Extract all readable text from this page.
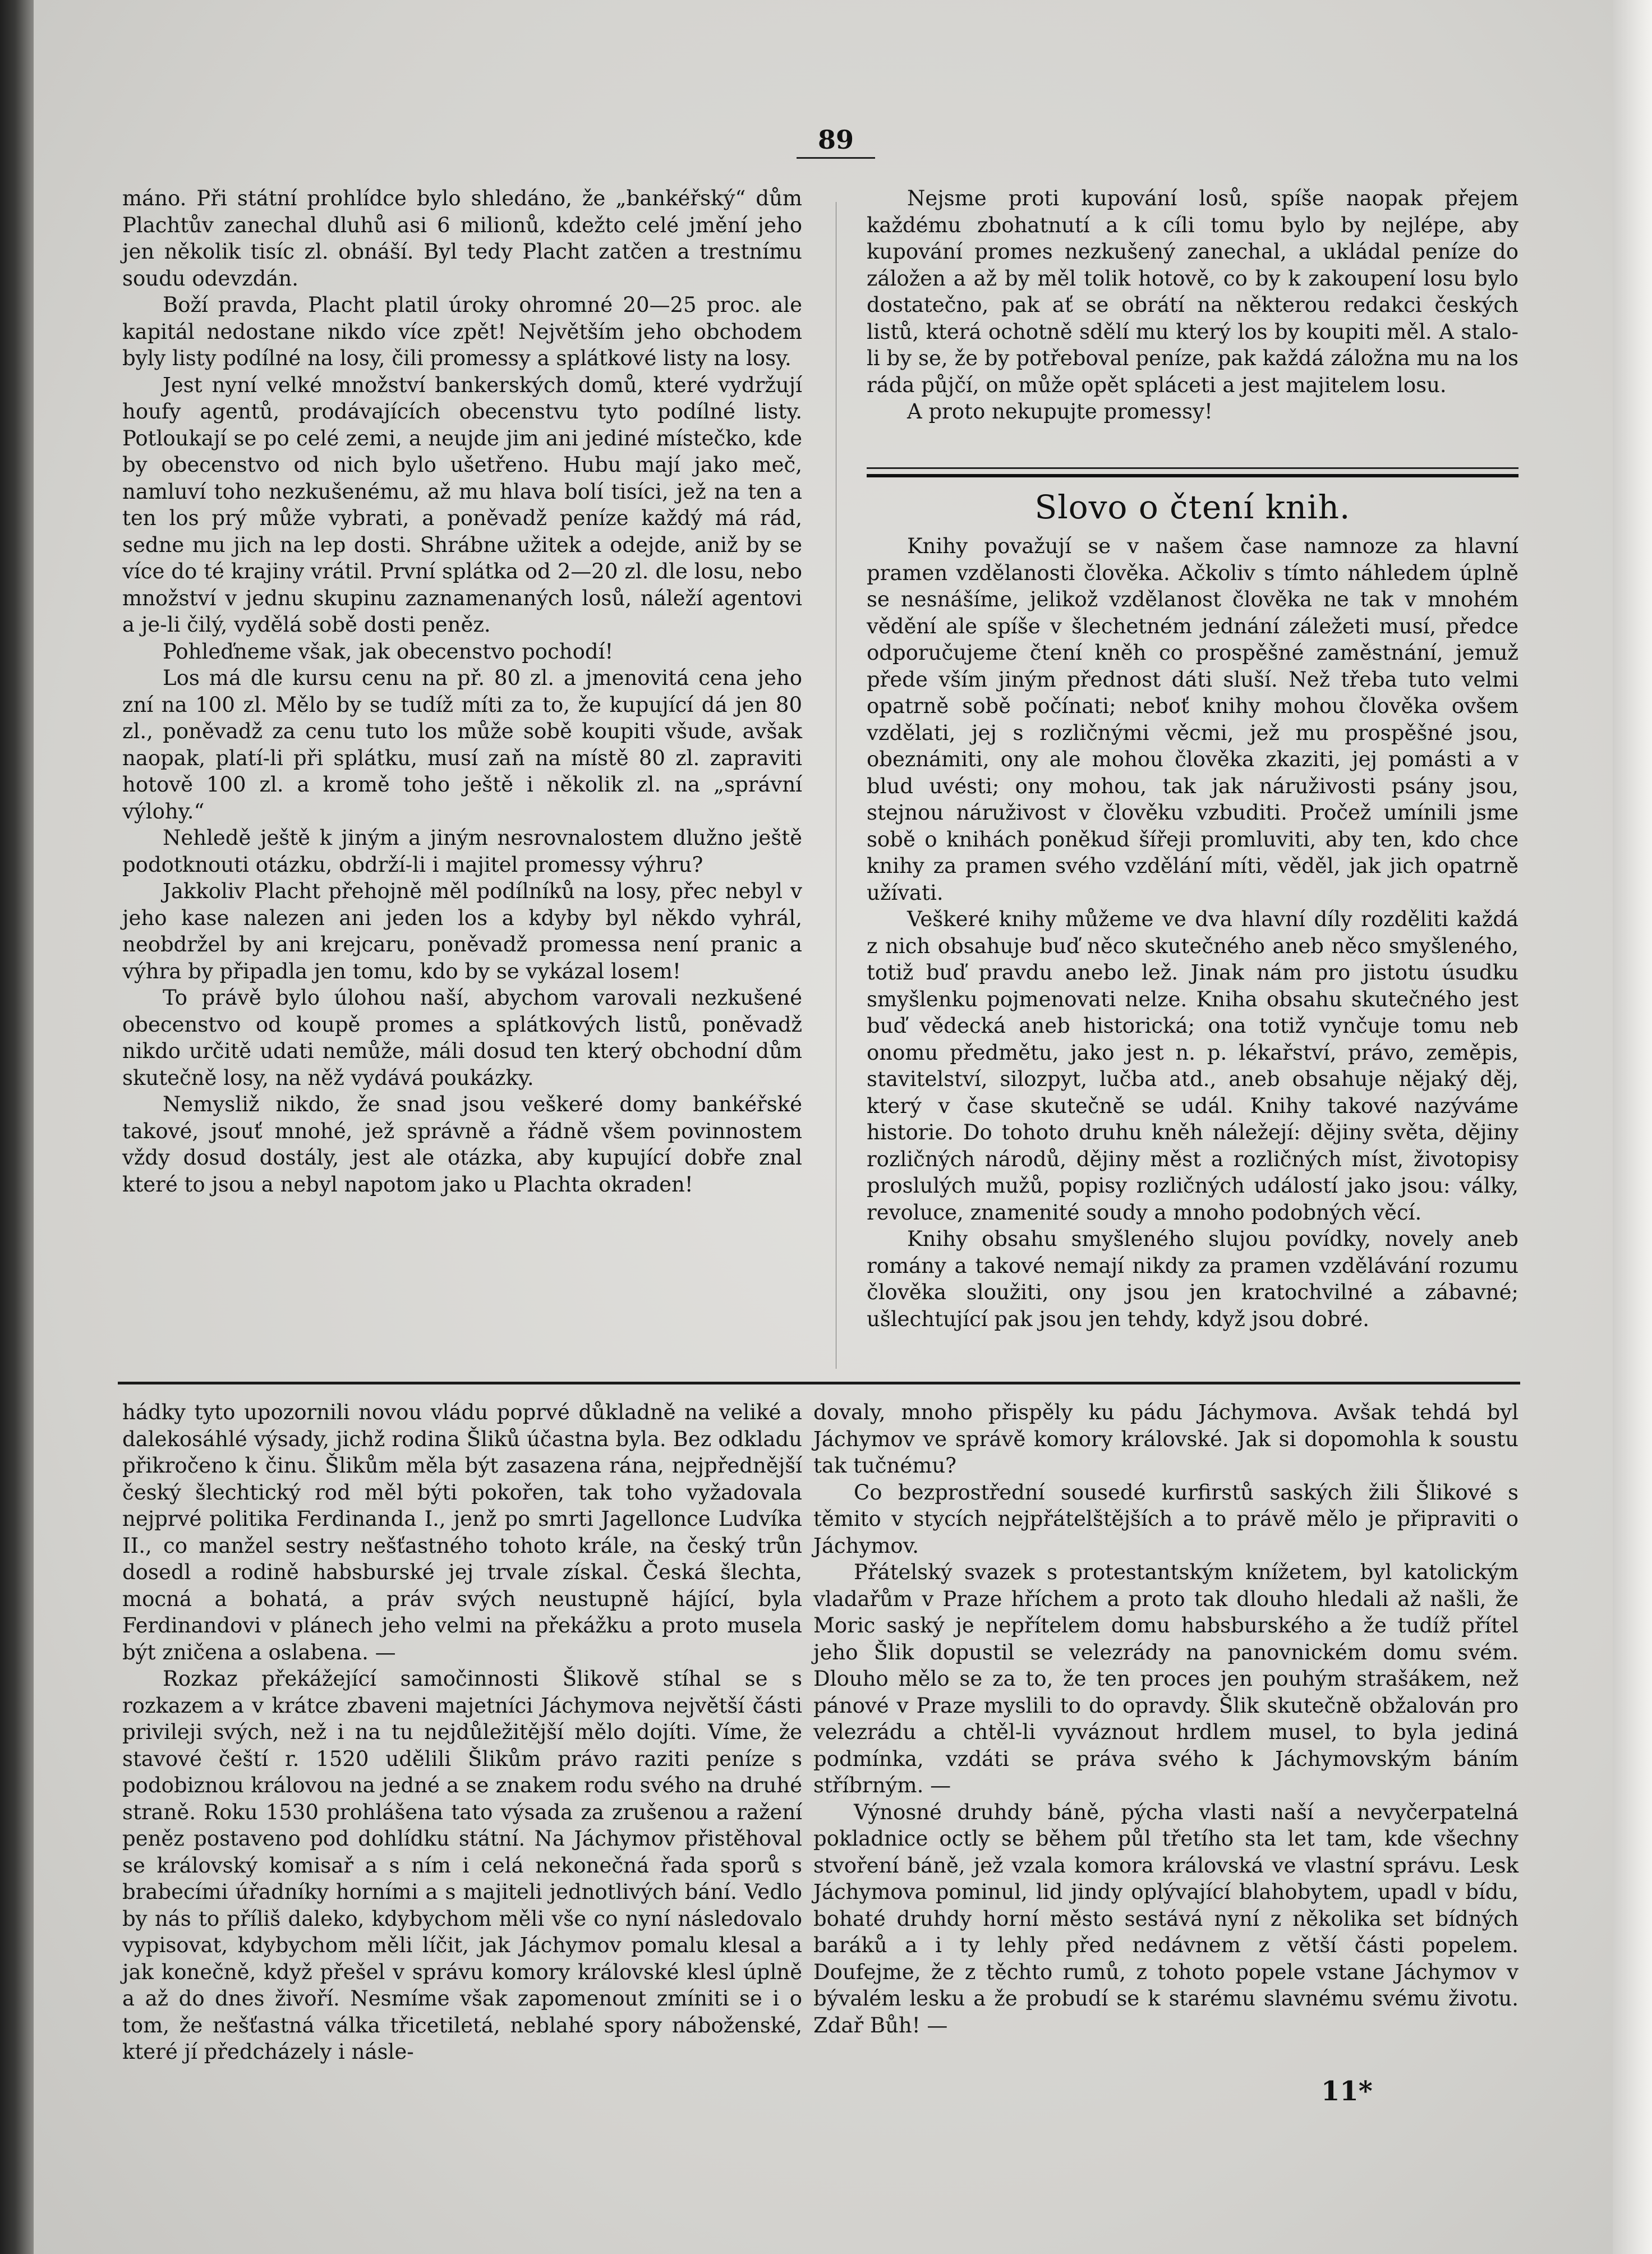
89

máno. Při státní prohlídce bylo shledáno, že „bankéřský“ dům Plachtův zanechal dluhů asi 6 milionů, kdežto celé jmění jeho jen několik tisíc zl. obnáší. Byl tedy Placht zatčen a trestnímu soudu odevzdán.

Boží pravda, Placht platil úroky ohromné 20—25 proc. ale kapitál nedostane nikdo více zpět! Největším jeho obchodem byly listy podílné na losy, čili promessy a splátkové listy na losy.

Jest nyní velké množství bankerských domů, které vydržují houfy agentů, prodávajících obecenstvu tyto podílné listy. Potloukají se po celé zemi, a neujde jim ani jediné místečko, kde by obecenstvo od nich bylo ušetřeno. Hubu mají jako meč, namluví toho nezkušenému, až mu hlava bolí tisíci, jež na ten a ten los prý může vybrati, a poněvadž peníze každý má rád, sedne mu jich na lep dosti. Shrábne užitek a odejde, aniž by se více do té krajiny vrátil. První splátka od 2—20 zl. dle losu, nebo množství v jednu skupinu zaznamenaných losů, náleží agentovi a je-li čilý, vydělá sobě dosti peněz.

Pohleďneme však, jak obecenstvo pochodí!

Los má dle kursu cenu na př. 80 zl. a jmenovitá cena jeho zní na 100 zl. Mělo by se tudíž míti za to, že kupující dá jen 80 zl., poněvadž za cenu tuto los může sobě koupiti všude, avšak naopak, platí-li při splátku, musí zaň na místě 80 zl. zapraviti hotově 100 zl. a kromě toho ještě i několik zl. na „správní výlohy.“

Nehledě ještě k jiným a jiným nesrovnalostem dlužno ještě podotknouti otázku, obdrží-li i majitel promessy výhru?

Jakkoliv Placht přehojně měl podílníků na losy, přec nebyl v jeho kase nalezen ani jeden los a kdyby byl někdo vyhrál, neobdržel by ani krejcaru, poněvadž promessa není pranic a výhra by připadla jen tomu, kdo by se vykázal losem!

To právě bylo úlohou naší, abychom varovali nezkušené obecenstvo od koupě promes a splátkových listů, poněvadž nikdo určitě udati nemůže, máli dosud ten který obchodní dům skutečně losy, na něž vydává poukázky.

Nemysliž nikdo, že snad jsou veškeré domy bankéřské takové, jsouť mnohé, jež správně a řádně všem povinnostem vždy dosud dostály, jest ale otázka, aby kupující dobře znal které to jsou a nebyl napotom jako u Plachta okraden!

Nejsme proti kupování losů, spíše naopak přejem každému zbohatnutí a k cíli tomu bylo by nejlépe, aby kupování promes nezkušený zanechal, a ukládal peníze do záložen a až by měl tolik hotově, co by k zakoupení losu bylo dostatečno, pak ať se obrátí na některou redakci českých listů, která ochotně sdělí mu který los by koupiti měl. A stalo-li by se, že by potřeboval peníze, pak každá záložna mu na los ráda půjčí, on může opět spláceti a jest majitelem losu.

A proto nekupujte promessy!

Slovo o čtení knih.

Knihy považují se v našem čase namnoze za hlavní pramen vzdělanosti člověka. Ačkoliv s tímto náhledem úplně se nesnášíme, jelikož vzdělanost člověka ne tak v mnohém vědění ale spíše v šlechetném jednání záležeti musí, předce odporučujeme čtení kněh co prospěšné zaměstnání, jemuž přede vším jiným přednost dáti sluší. Než třeba tuto velmi opatrně sobě počínati; neboť knihy mohou člověka ovšem vzdělati, jej s rozličnými věcmi, jež mu prospěšné jsou, obeznámiti, ony ale mohou člověka zkaziti, jej pomásti a v blud uvésti; ony mohou, tak jak náruživosti psány jsou, stejnou náruživost v člověku vzbuditi. Pročež umínili jsme sobě o knihách poněkud šířeji promluviti, aby ten, kdo chce knihy za pramen svého vzdělání míti, věděl, jak jich opatrně užívati.

Veškeré knihy můžeme ve dva hlavní díly rozděliti každá z nich obsahuje buď něco skutečného aneb něco smyšleného, totiž buď pravdu anebo lež. Jinak nám pro jistotu úsudku smyšlenku pojmenovati nelze. Kniha obsahu skutečného jest buď vědecká aneb historická; ona totiž vynčuje tomu neb onomu předmětu, jako jest n. p. lékařství, právo, zeměpis, stavitelství, silozpyt, lučba atd., aneb obsahuje nějaký děj, který v čase skutečně se udál. Knihy takové nazýváme historie. Do tohoto druhu kněh náležejí: dějiny světa, dějiny rozličných národů, dějiny měst a rozličných míst, životopisy proslulých mužů, popisy rozličných událostí jako jsou: války, revoluce, znamenité soudy a mnoho podobných věcí.

Knihy obsahu smyšleného slujou povídky, novely aneb romány a takové nemají nikdy za pramen vzdělávání rozumu člověka sloužiti, ony jsou jen kratochvilné a zábavné; ušlechtující pak jsou jen tehdy, když jsou dobré.

hádky tyto upozornili novou vládu poprvé důkladně na veliké a dalekosáhlé výsady, jichž rodina Šliků účastna byla. Bez odkladu přikročeno k činu. Šlikům měla být zasazena rána, nejpřednější český šlechtický rod měl býti pokořen, tak toho vyžadovala nejprvé politika Ferdinanda I., jenž po smrti Jagellonce Ludvíka II., co manžel sestry nešťastného tohoto krále, na český trůn dosedl a rodině habsburské jej trvale získal. Česká šlechta, mocná a bohatá, a práv svých neustupně hájící, byla Ferdinandovi v plánech jeho velmi na překážku a proto musela být zničena a oslabena. —

Rozkaz překážející samočinnosti Šlikově stíhal se s rozkazem a v krátce zbaveni majetníci Jáchymova největší části privileji svých, než i na tu nejdůležitější mělo dojíti. Víme, že stavové čeští r. 1520 udělili Šlikům právo raziti peníze s podobiznou královou na jedné a se znakem rodu svého na druhé straně. Roku 1530 prohlášena tato výsada za zrušenou a ražení peněz postaveno pod dohlídku státní. Na Jáchymov přistěhoval se královský komisař a s ním i celá nekonečná řada sporů s brabecími úřadníky horními a s majiteli jednotlivých bání. Vedlo by nás to příliš daleko, kdybychom měli vše co nyní následovalo vypisovat, kdybychom měli líčit, jak Jáchymov pomalu klesal a jak konečně, když přešel v správu komory královské klesl úplně a až do dnes živoří. Nesmíme však zapomenout zmíniti se i o tom, že nešťastná válka třicetiletá, neblahé spory náboženské, které jí předcházely i násle-

dovaly, mnoho přispěly ku pádu Jáchymova. Avšak tehdá byl Jáchymov ve správě komory královské. Jak si dopomohla k soustu tak tučnému?

Co bezprostřední sousedé kurfirstů saských žili Šlikové s těmito v stycích nejpřátelštějších a to právě mělo je připraviti o Jáchymov.

Přátelský svazek s protestantským knížetem, byl katolickým vladařům v Praze hříchem a proto tak dlouho hledali až našli, že Moric saský je nepřítelem domu habsburského a že tudíž přítel jeho Šlik dopustil se velezrády na panovnickém domu svém. Dlouho mělo se za to, že ten proces jen pouhým strašákem, než pánové v Praze myslili to do opravdy. Šlik skutečně obžalován pro velezrádu a chtěl-li vyváznout hrdlem musel, to byla jediná podmínka, vzdáti se práva svého k Jáchymovským báním stříbrným. —

Výnosné druhdy báně, pýcha vlasti naší a nevyčerpatelná pokladnice octly se během půl třetího sta let tam, kde všechny stvoření báně, jež vzala komora královská ve vlastní správu. Lesk Jáchymova pominul, lid jindy oplývající blahobytem, upadl v bídu, bohaté druhdy horní město sestává nyní z několika set bídných baráků a i ty lehly před nedávnem z větší části popelem. Doufejme, že z těchto rumů, z tohoto popele vstane Jáchymov v bývalém lesku a že probudí se k starému slavnému svému životu. Zdař Bůh! —

11*
